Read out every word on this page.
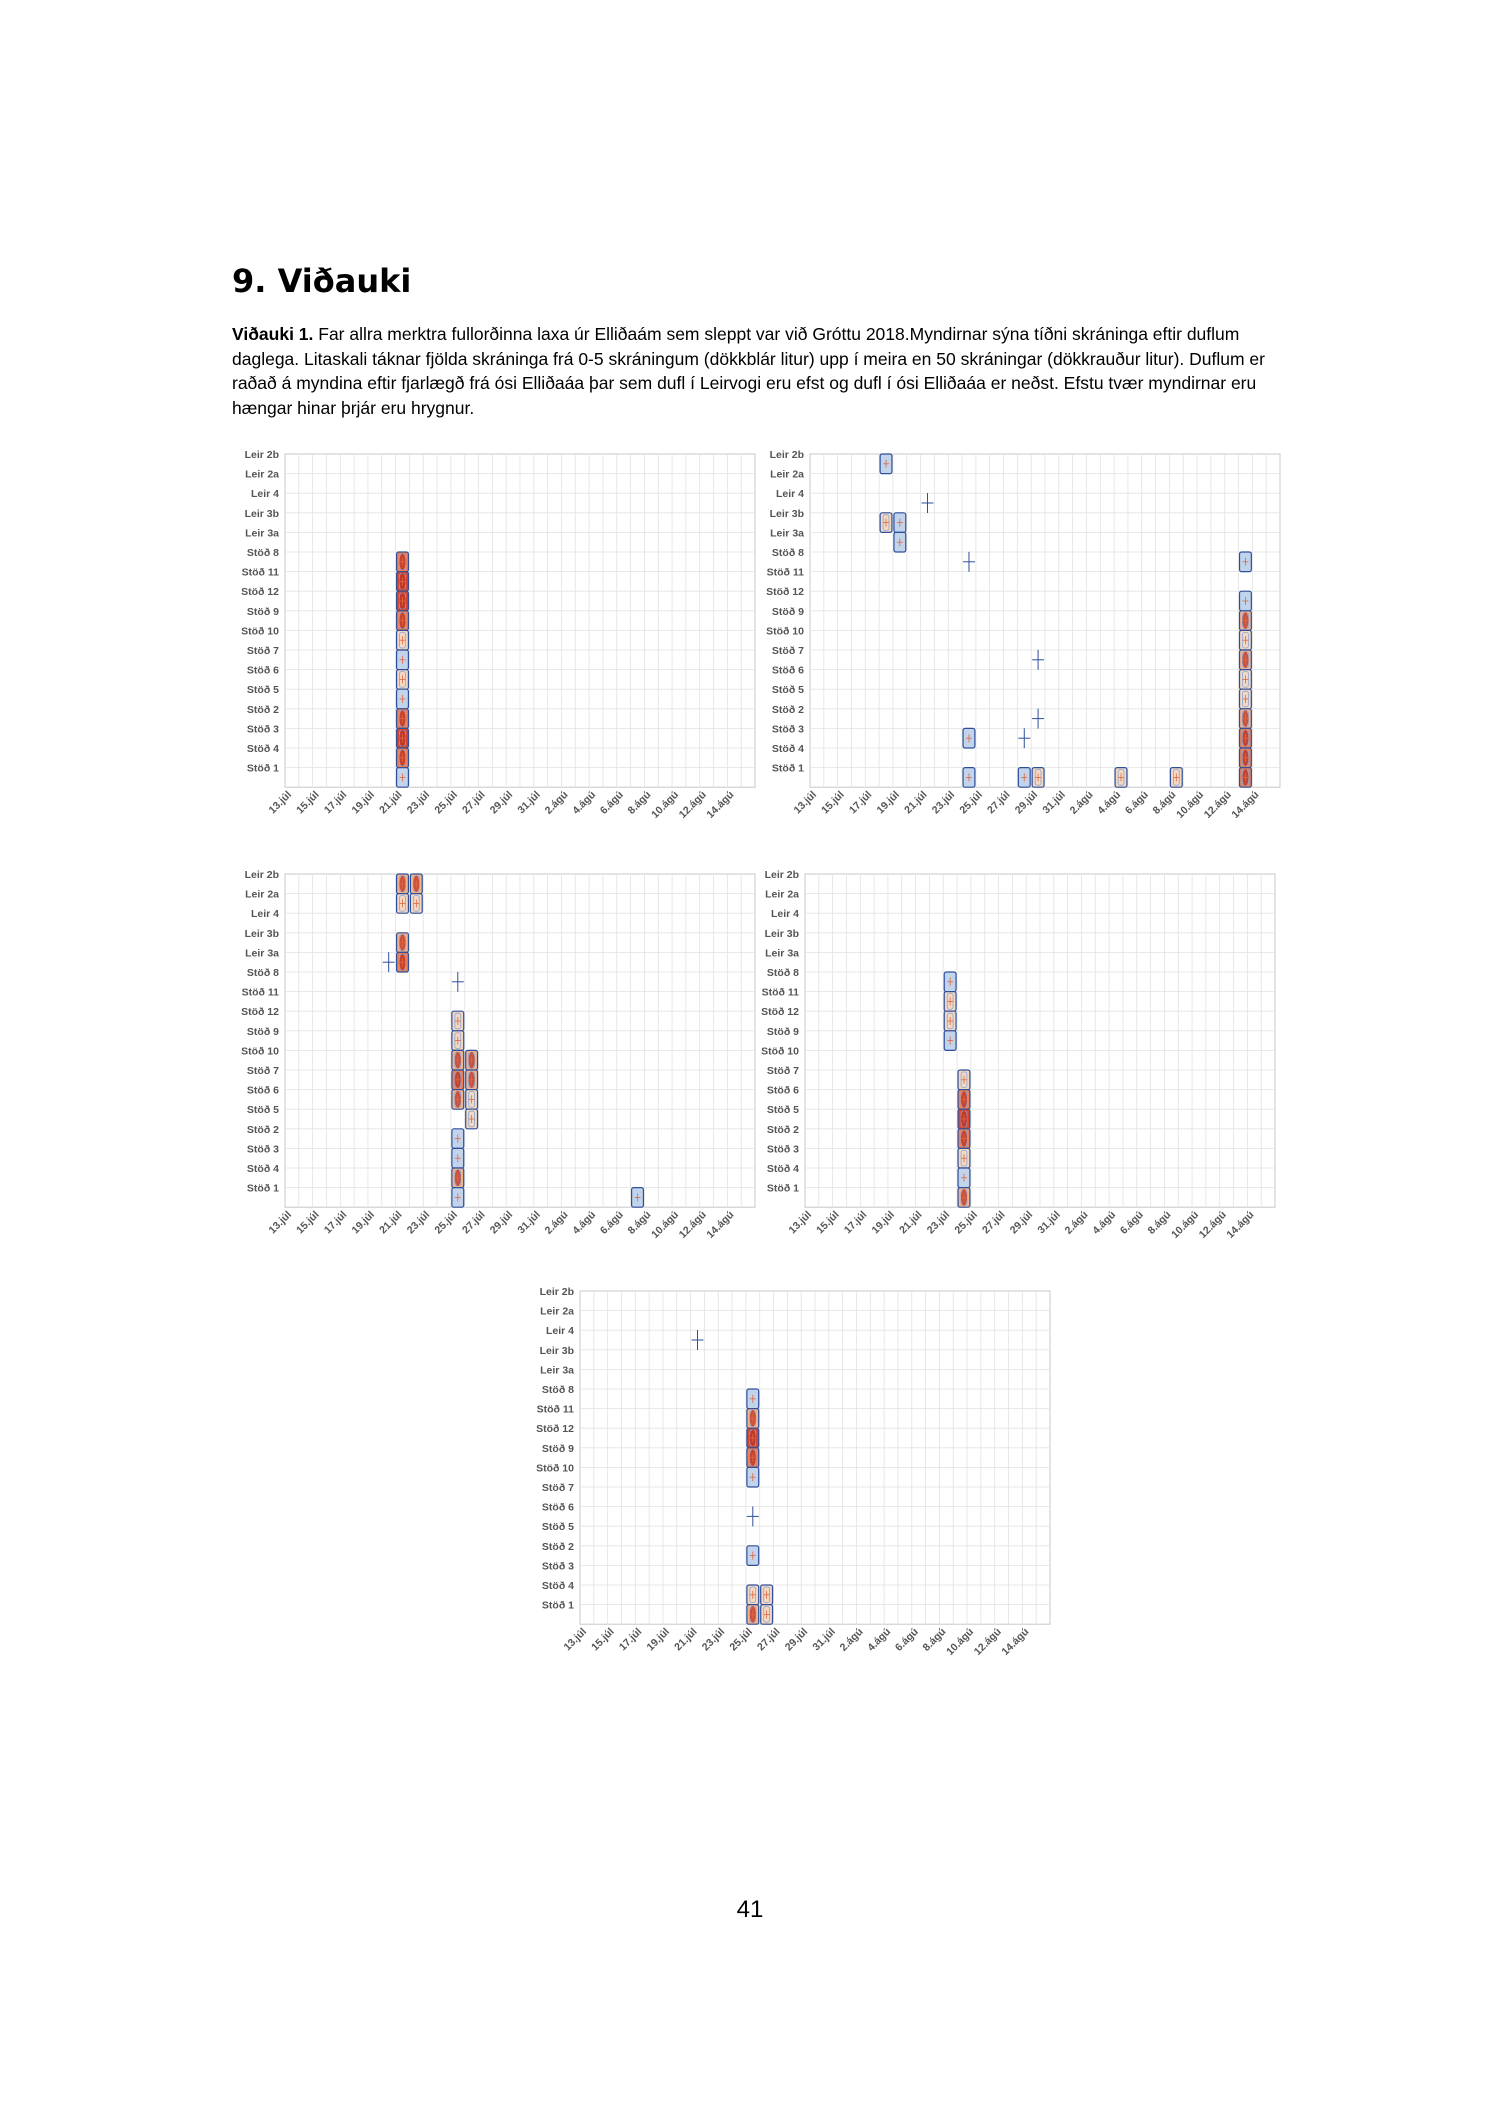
9. Viðauki

Viðauki 1. Far allra merktra fullorðinna laxa úr Elliðaám sem sleppt var við Gróttu 2018.Myndirnar sýna tíðni skráninga eftir duflum daglega. Litaskali táknar fjölda skráninga frá 0-5 skráningum (dökkblár litur) upp í meira en 50 skráningar (dökkrauður litur). Duflum er raðað á myndina eftir fjarlægð frá ósi Elliðaáa þar sem dufl í Leirvogi eru efst og dufl í ósi Elliðaáa er neðst. Efstu tvær myndirnar eru hængar hinar þrjár eru hrygnur.

Leir 2b
Leir 2a
Leir 4
Leir 3b
Leir 3a
Stöð 8
Stöð 11
Stöð 12
Stöð 9
Stöð 10
Stöð 7
Stöð 6
Stöð 5
Stöð 2
Stöð 3
Stöð 4
Stöð 1
13.júl 15.júl 17.júl 19.júl 21.júl 23.júl 25.júl 27.júl 29.júl 31.júl 2.ágú 4.ágú 6.ágú 8.ágú
10.ágú
12.ágú
14.ágú
Leir 2b
Leir 2a
Leir 4
Leir 3b
Leir 3a
Stöð 8
Stöð 11
Stöð 12
Stöð 9
Stöð 10
Stöð 7
Stöð 6
Stöð 5
Stöð 2
Stöð 3
Stöð 4
Stöð 1
13.júl 15.júl 17.júl 19.júl 21.júl 23.júl 25.júl 27.júl 29.júl 31.júl 2.ágú 4.ágú 6.ágú 8.ágú
10.ágú
12.ágú
14.ágú
Leir 2b
Leir 2a
Leir 4
Leir 3b
Leir 3a
Stöð 8
Stöð 11
Stöð 12
Stöð 9
Stöð 10
Stöð 7
Stöð 6
Stöð 5
Stöð 2
Stöð 3
Stöð 4
Stöð 1
13.júl 15.júl 17.júl 19.júl 21.júl 23.júl 25.júl 27.júl 29.júl 31.júl 2.ágú 4.ágú 6.ágú 8.ágú
10.ágú
12.ágú
14.ágú
Leir 2b
Leir 2a
Leir 4
Leir 3b
Leir 3a
Stöð 8
Stöð 11
Stöð 12
Stöð 9
Stöð 10
Stöð 7
Stöð 6
Stöð 5
Stöð 2
Stöð 3
Stöð 4
Stöð 1
13.júl 15.júl 17.júl 19.júl 21.júl 23.júl 25.júl 27.júl 29.júl 31.júl 2.ágú 4.ágú 6.ágú 8.ágú
10.ágú
12.ágú
14.ágú
Leir 2b
Leir 2a
Leir 4
Leir 3b
Leir 3a
Stöð 8
Stöð 11
Stöð 12
Stöð 9
Stöð 10
Stöð 7
Stöð 6
Stöð 5
Stöð 2
Stöð 3
Stöð 4
Stöð 1
13.júl 15.júl 17.júl 19.júl 21.júl 23.júl 25.júl 27.júl 29.júl 31.júl 2.ágú 4.ágú 6.ágú 8.ágú
10.ágú
12.ágú
14.ágú
41
